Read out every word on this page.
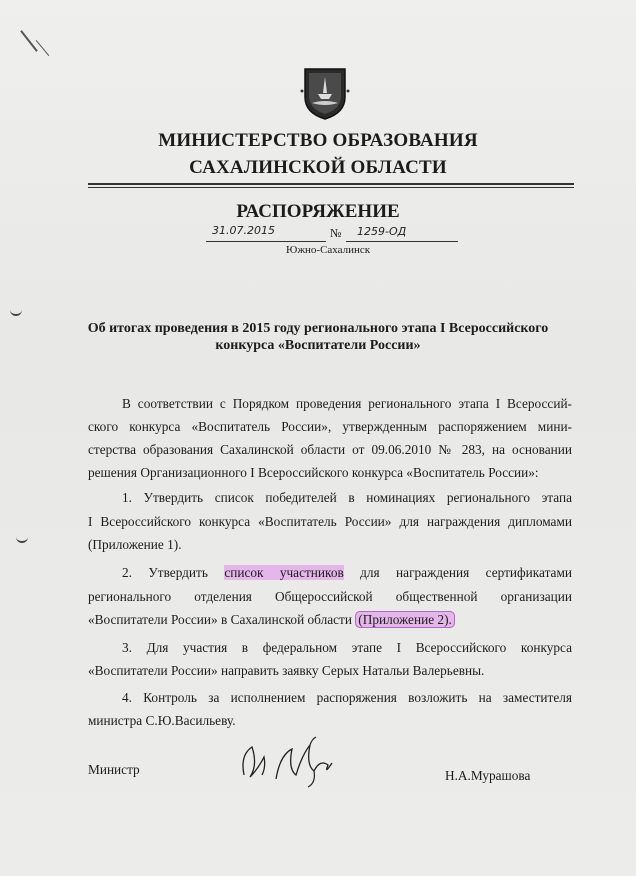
МИНИСТЕРСТВО ОБРАЗОВАНИЯ
САХАЛИНСКОЙ ОБЛАСТИ
РАСПОРЯЖЕНИЕ
31.07.2015	№ 1259-ОД
Южно-Сахалинск
Об итогах проведения в 2015 году регионального этапа I Всероссийского
конкурса «Воспитатели России»
В соответствии с Порядком проведения регионального этапа I Всероссий-
ского конкурса «Воспитатель России», утвержденным распоряжением мини-
стерства образования Сахалинской области от 09.06.2010 № 283, на основании
решения Организационного I Всероссийского конкурса «Воспитатель России»:
1. Утвердить список победителей в номинациях регионального этапа
I Всероссийского конкурса «Воспитатель России» для награждения дипломами
(Приложение 1).
2. Утвердить список участников для награждения сертификатами
регионального отделения Общероссийской общественной организации
«Воспитатели России» в Сахалинской области (Приложение 2).
3. Для участия в федеральном этапе I Всероссийского конкурса
«Воспитатели России» направить заявку Серых Натальи Валерьевны.
4. Контроль за исполнением распоряжения возложить на заместителя
министра С.Ю.Васильеву.
Министр	Н.А.Мурашова
